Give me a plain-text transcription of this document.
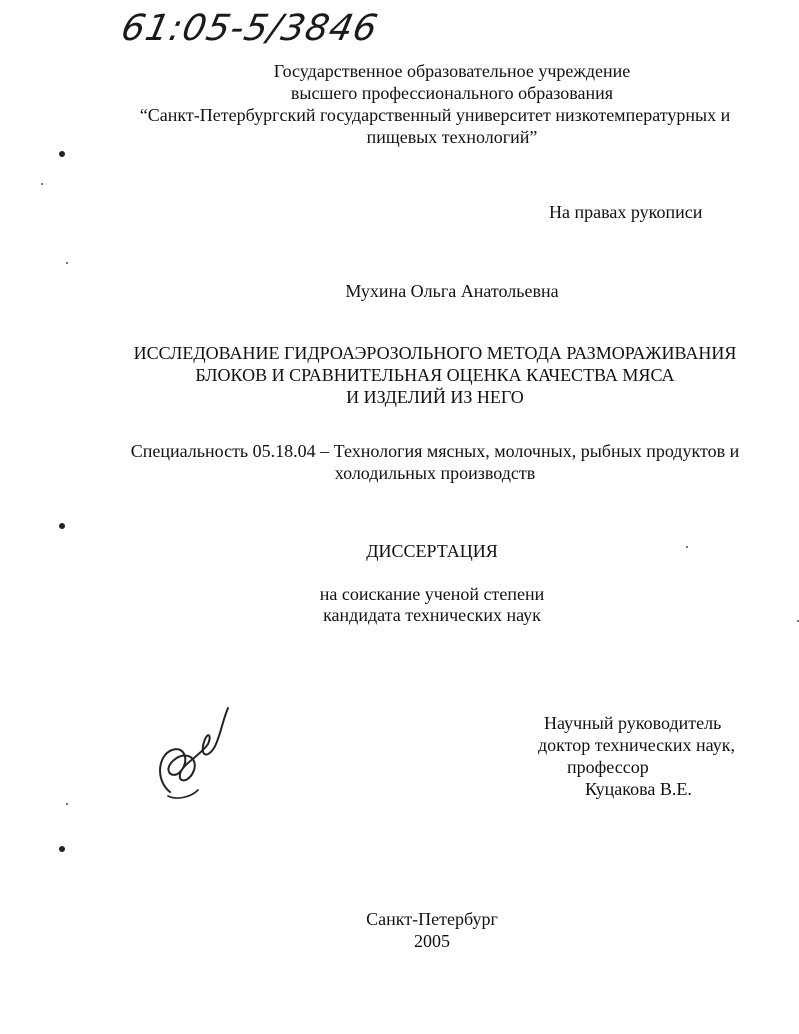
61:05-5/3846
Государственное образовательное учреждение
высшего профессионального образования
“Санкт-Петербургский государственный университет низкотемпературных и
пищевых технологий”
На правах рукописи
Мухина Ольга Анатольевна
ИССЛЕДОВАНИЕ ГИДРОАЭРОЗОЛЬНОГО МЕТОДА РАЗМОРАЖИВАНИЯ
БЛОКОВ И СРАВНИТЕЛЬНАЯ ОЦЕНКА КАЧЕСТВА МЯСА
И ИЗДЕЛИЙ ИЗ НЕГО
Специальность 05.18.04 – Технология мясных, молочных, рыбных продуктов и
холодильных производств
ДИССЕРТАЦИЯ
на соискание ученой степени
кандидата технических наук
Научный руководитель
доктор технических наук,
профессор
Куцакова В.Е.
Санкт-Петербург
2005
